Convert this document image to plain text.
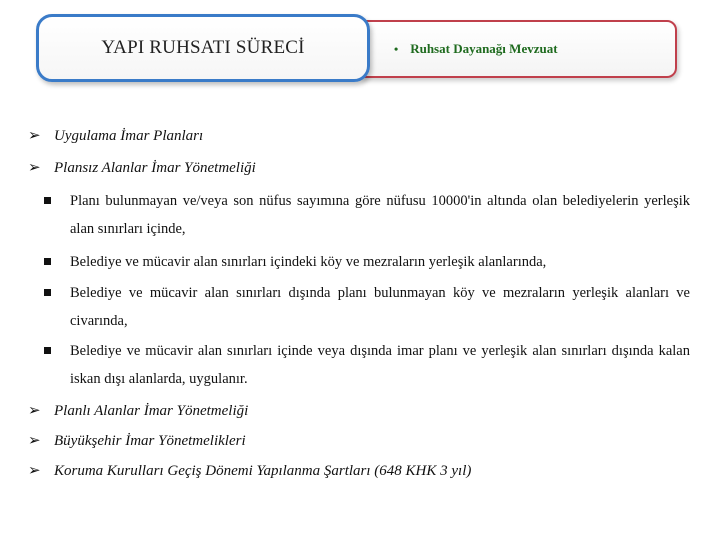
YAPI RUHSATI SÜRECİ	• Ruhsat Dayanağı Mevzuat
➢ Uygulama İmar Planları
➢ Plansız Alanlar İmar Yönetmeliği
Planı bulunmayan ve/veya son nüfus sayımına göre nüfusu 10000'in altında olan belediyelerin yerleşik alan sınırları içinde,
Belediye ve mücavir alan sınırları içindeki köy ve mezraların yerleşik alanlarında,
Belediye ve mücavir alan sınırları dışında planı bulunmayan köy ve mezraların yerleşik alanları ve civarında,
Belediye ve mücavir alan sınırları içinde veya dışında imar planı ve yerleşik alan sınırları dışında kalan iskan dışı alanlarda, uygulanır.
➢ Planlı Alanlar İmar Yönetmeliği
➢ Büyükşehir İmar Yönetmelikleri
➢ Koruma Kurulları Geçiş Dönemi Yapılanma Şartları (648 KHK 3 yıl)
